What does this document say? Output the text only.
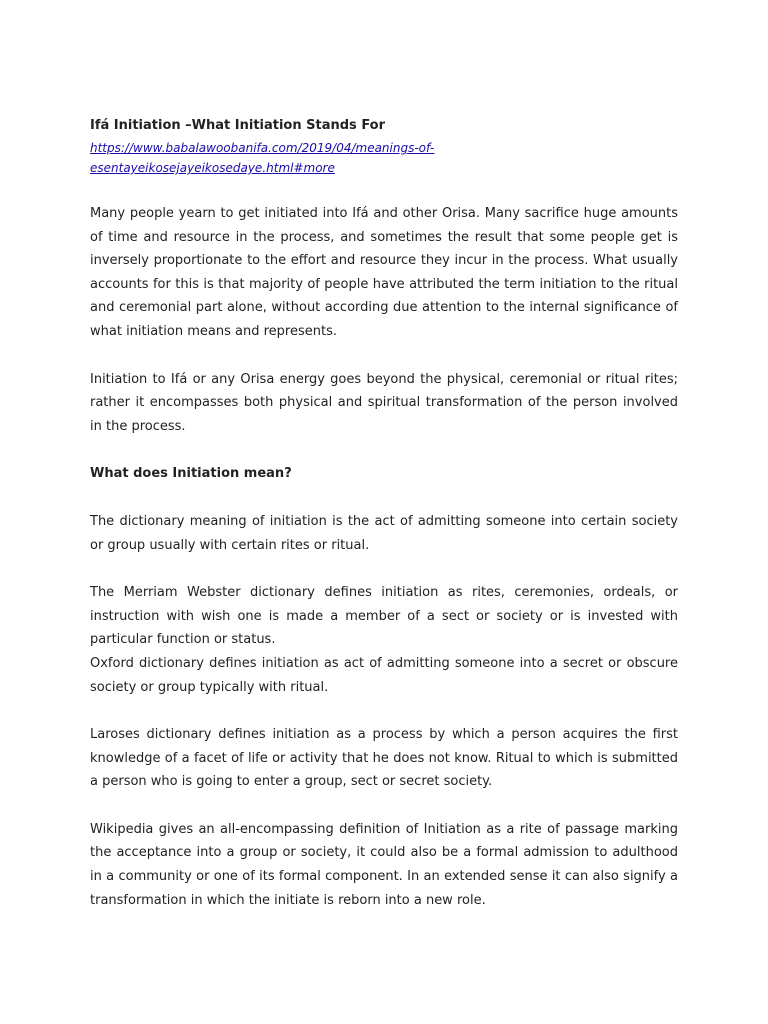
Ifá Initiation –What Initiation Stands For
https://www.babalawoobanifa.com/2019/04/meanings-of-esentayeikosejayeikosedaye.html#more

Many people yearn to get initiated into Ifá and other Orisa. Many sacrifice huge amounts of time and resource in the process, and sometimes the result that some people get is inversely proportionate to the effort and resource they incur in the process. What usually accounts for this is that majority of people have attributed the term initiation to the ritual and ceremonial part alone, without according due attention to the internal significance of what initiation means and represents.

Initiation to Ifá or any Orisa energy goes beyond the physical, ceremonial or ritual rites; rather it encompasses both physical and spiritual transformation of the person involved in the process.

What does Initiation mean?

The dictionary meaning of initiation is the act of admitting someone into certain society or group usually with certain rites or ritual.

The Merriam Webster dictionary defines initiation as rites, ceremonies, ordeals, or instruction with wish one is made a member of a sect or society or is invested with particular function or status.

Oxford dictionary defines initiation as act of admitting someone into a secret or obscure society or group typically with ritual.

Laroses dictionary defines initiation as a process by which a person acquires the first knowledge of a facet of life or activity that he does not know. Ritual to which is submitted a person who is going to enter a group, sect or secret society.

Wikipedia gives an all-encompassing definition of Initiation as a rite of passage marking the acceptance into a group or society, it could also be a formal admission to adulthood in a community or one of its formal component. In an extended sense it can also signify a transformation in which the initiate is reborn into a new role.
